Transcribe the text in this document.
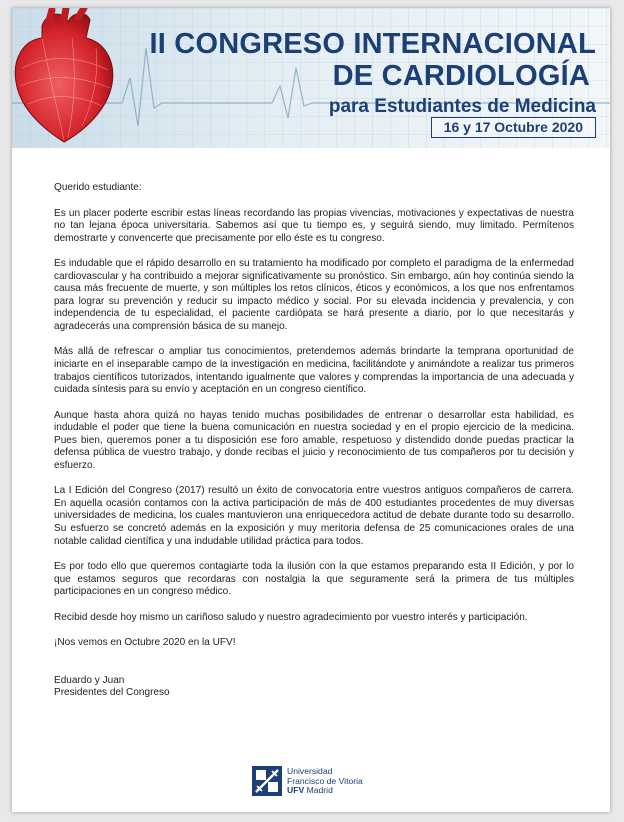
II CONGRESO INTERNACIONAL
DE CARDIOLOGÍA
para Estudiantes de Medicina
16 y 17 Octubre 2020

Querido estudiante:

Es un placer poderte escribir estas líneas recordando las propias vivencias, motivaciones y expectativas de nuestra no tan lejana época universitaria. Sabemos así que tu tiempo es, y seguirá siendo, muy limitado. Permítenos demostrarte y convencerte que precisamente por ello éste es tu congreso.

Es indudable que el rápido desarrollo en su tratamiento ha modificado por completo el paradigma de la enfermedad cardiovascular y ha contribuido a mejorar significativamente su pronóstico. Sin embargo, aún hoy continúa siendo la causa más frecuente de muerte, y son múltiples los retos clínicos, éticos y económicos, a los que nos enfrentamos para lograr su prevención y reducir su impacto médico y social. Por su elevada incidencia y prevalencia, y con independencia de tu especialidad, el paciente cardiópata se hará presente a diario, por lo que necesitarás y agradecerás una comprensión básica de su manejo.

Más allá de refrescar o ampliar tus conocimientos, pretendemos además brindarte la temprana oportunidad de iniciarte en el inseparable campo de la investigación en medicina, facilitándote y animándote a realizar tus primeros trabajos científicos tutorizados, intentando igualmente que valores y comprendas la importancia de una adecuada y cuidada síntesis para su envío y aceptación en un congreso científico.

Aunque hasta ahora quizá no hayas tenido muchas posibilidades de entrenar o desarrollar esta habilidad, es indudable el poder que tiene la buena comunicación en nuestra sociedad y en el propio ejercicio de la medicina. Pues bien, queremos poner a tu disposición ese foro amable, respetuoso y distendido donde puedas practicar la defensa pública de vuestro trabajo, y donde recibas el juicio y reconocimiento de tus compañeros por tu decisión y esfuerzo.

La I Edición del Congreso (2017) resultó un éxito de convocatoria entre vuestros antiguos compañeros de carrera. En aquella ocasión contamos con la activa participación de más de 400 estudiantes procedentes de muy diversas universidades de medicina, los cuales mantuvieron una enriquecedora actitud de debate durante todo su desarrollo. Su esfuerzo se concretó además en la exposición y muy meritoria defensa de 25 comunicaciones orales de una notable calidad científica y una indudable utilidad práctica para todos.

Es por todo ello que queremos contagiarte toda la ilusión con la que estamos preparando esta II Edición, y por lo que estamos seguros que recordaras con nostalgia la que seguramente será la primera de tus múltiples participaciones en un congreso médico.

Recibid desde hoy mismo un cariñoso saludo y nuestro agradecimiento por vuestro interés y participación.

¡Nos vemos en Octubre 2020 en la UFV!

Eduardo y Juan

Presidentes del Congreso

Universidad
Francisco de Vitoria
UFV Madrid
